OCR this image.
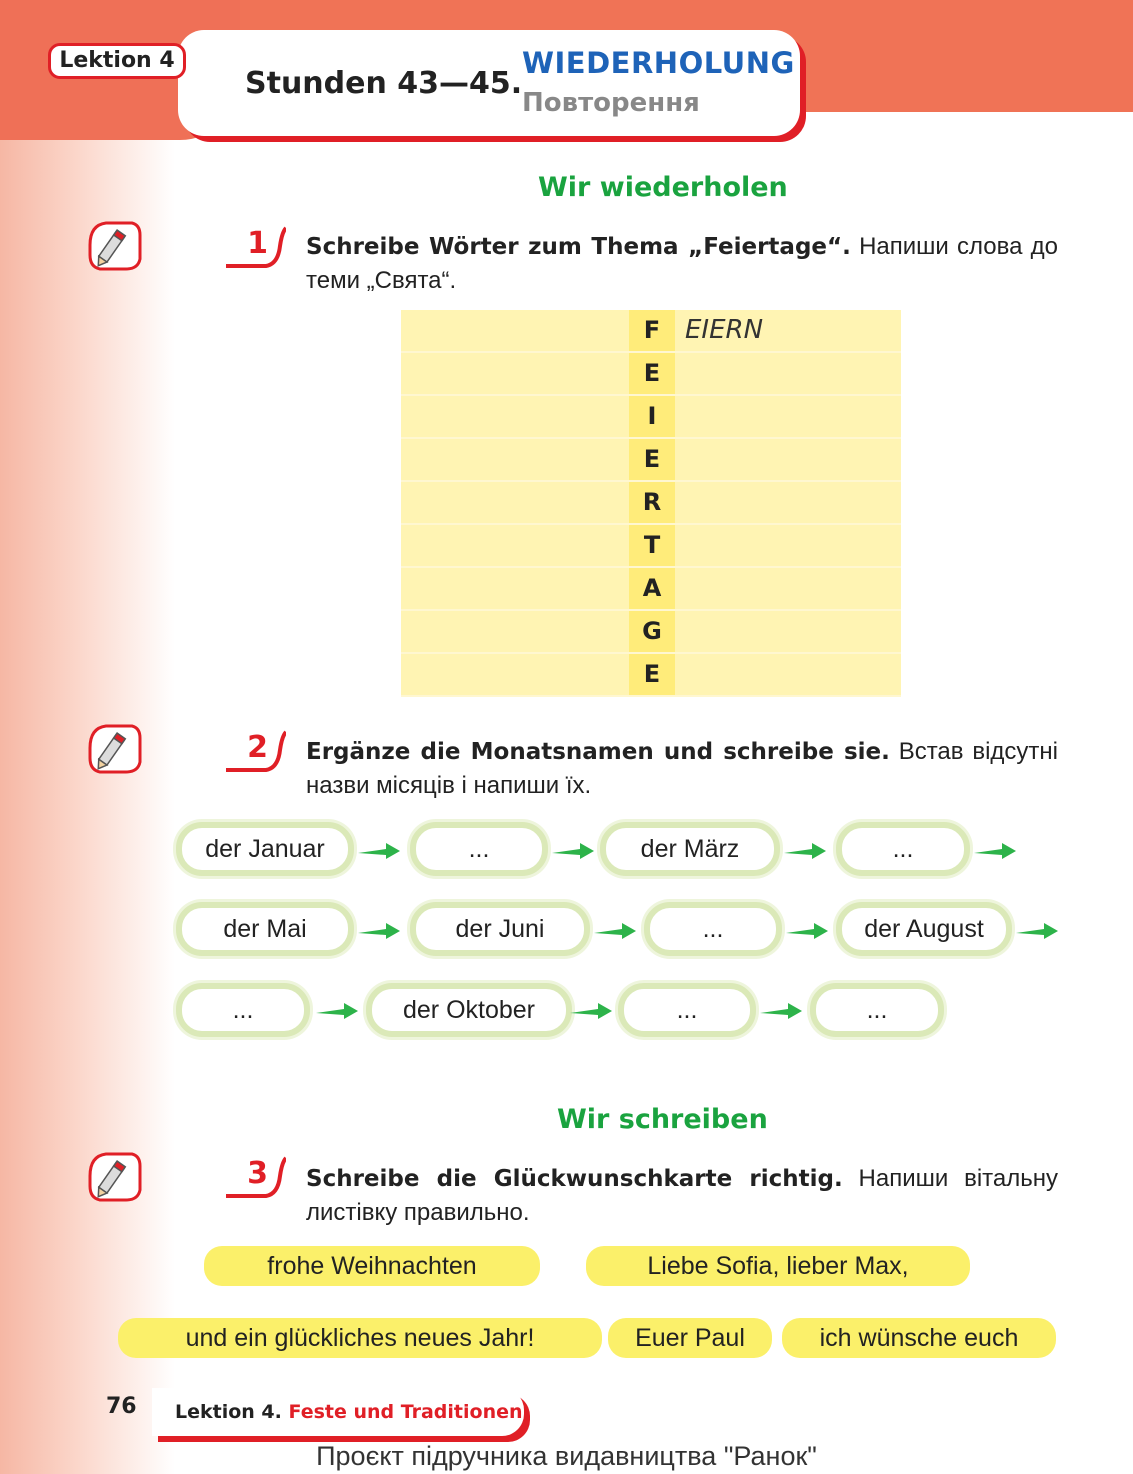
Lektion 4
Stunden 43—45.
WIEDERHOLUNG
Повторення
Wir wiederholen
1 Schreibe Wörter zum Thema „Feiertage“. Напиши слова до теми „Свята“.
F EIERN
E
I
E
R
T
A
G
E
2 Ergänze die Monatsnamen und schreibe sie. Встав відсутні назви місяців і напиши їх.
der Januar	...	der März	...
der Mai	der Juni	...	der August
...	der Oktober	...	...
Wir schreiben
3 Schreibe die Glückwunschkarte richtig. Напиши вітальну листівку правильно.
frohe Weihnachten	Liebe Sofia, lieber Max,
und ein glückliches neues Jahr!	Euer Paul	ich wünsche euch
76 Lektion 4. Feste und Traditionen
Проєкт підручника видавництва "Ранок"
